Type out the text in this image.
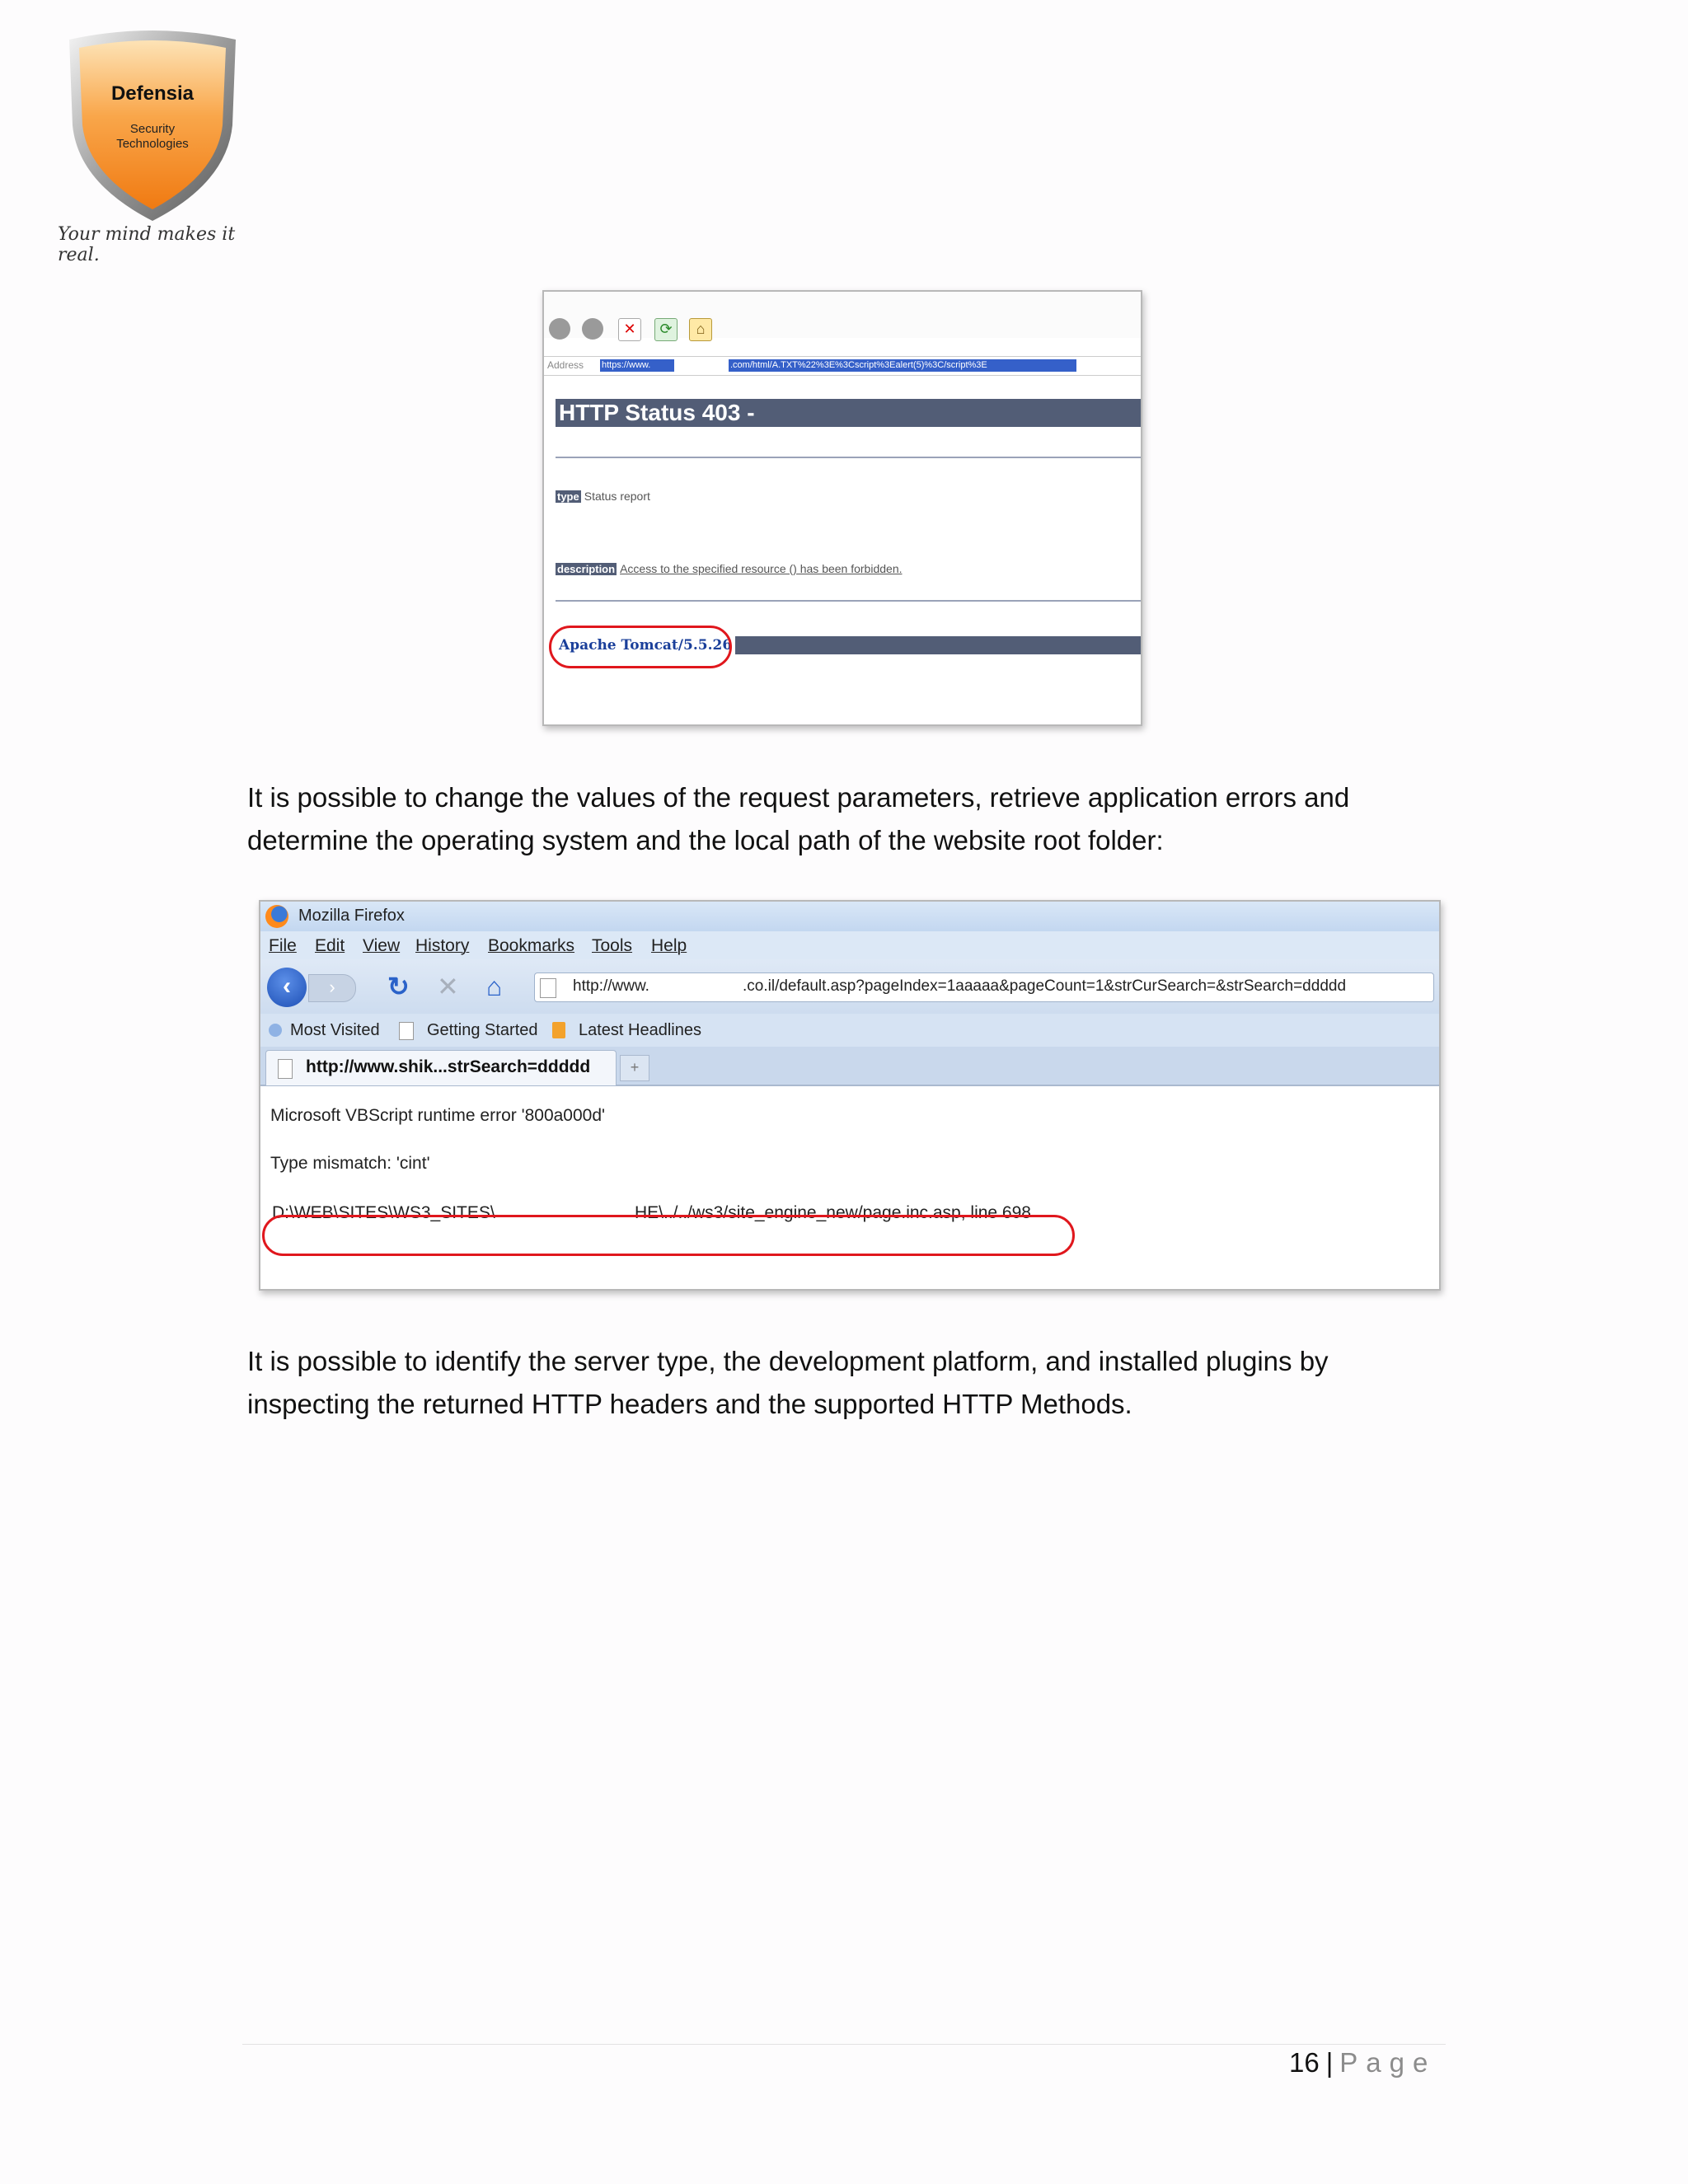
Defensia
Security
Technologies
Your mind makes it real.
✕	⟳	⌂
Address https://www.	.com/html/A.TXT%22%3E%3Cscript%3Ealert(5)%3C/script%3E
HTTP Status 403 -
type Status report
description Access to the specified resource () has been forbidden.
Apache Tomcat/5.5.26
It is possible to change the values of the request parameters, retrieve application errors and determine the operating system and the local path of the website root folder:
Mozilla Firefox
File Edit View History Bookmarks Tools Help
‹	›	↻ ✕ ⌂	http://www.	.co.il/default.asp?pageIndex=1aaaaa&pageCount=1&strCurSearch=&strSearch=ddddd
Most Visited	Getting Started Latest Headlines
http://www.shik...strSearch=ddddd	+
Microsoft VBScript runtime error '800a000d'
Type mismatch: 'cint'
D:\WEB\SITES\WS3_SITES\	HE\../../ws3/site_engine_new/page.inc.asp, line 698
It is possible to identify the server type, the development platform, and installed plugins by inspecting the returned HTTP headers and the supported HTTP Methods.
16 | Page
